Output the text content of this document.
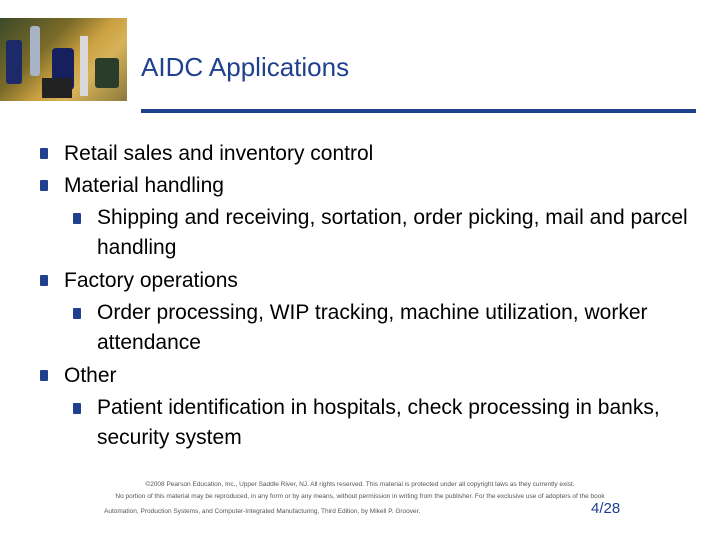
AIDC Applications
Retail sales and inventory control
Material handling
Shipping and receiving, sortation, order picking, mail and parcel handling
Factory operations
Order processing, WIP tracking, machine utilization, worker attendance
Other
Patient identification in hospitals, check processing in banks, security system
©2008 Pearson Education, Inc., Upper Saddle River, NJ. All rights reserved. This material is protected under all copyright laws as they currently exist.
No portion of this material may be reproduced, in any form or by any means, without permission in writing from the publisher. For the exclusive use of adopters of the book
Automation, Production Systems, and Computer-Integrated Manufacturing, Third Edition, by Mikell P. Groover.	4/28
